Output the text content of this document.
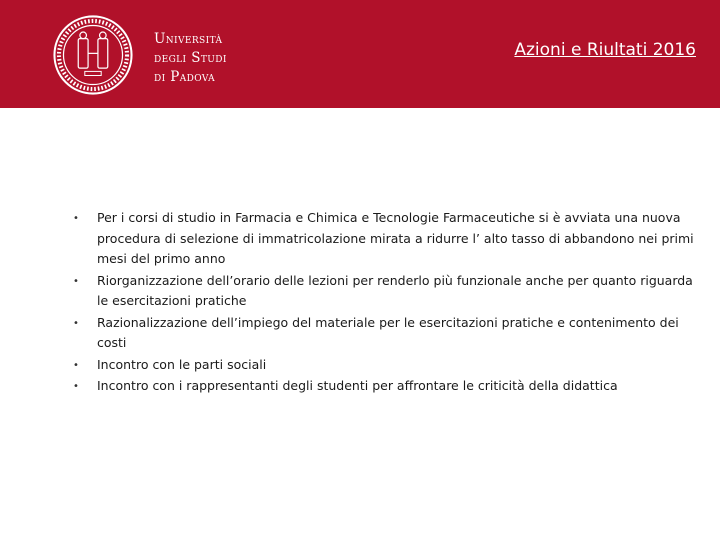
Università
degli Studi
di Padova
Azioni e Riultati 2016
• Per i corsi di studio in Farmacia e Chimica e Tecnologie Farmaceutiche si è avviata una nuova procedura di selezione di immatricolazione mirata a ridurre l’ alto tasso di abbandono nei primi mesi del primo anno
• Riorganizzazione dell’orario delle lezioni per renderlo più funzionale anche per quanto riguarda le esercitazioni pratiche
• Razionalizzazione dell’impiego del materiale per le esercitazioni pratiche e contenimento dei costi
• Incontro con le parti sociali
• Incontro con i rappresentanti degli studenti per affrontare le criticità della didattica
